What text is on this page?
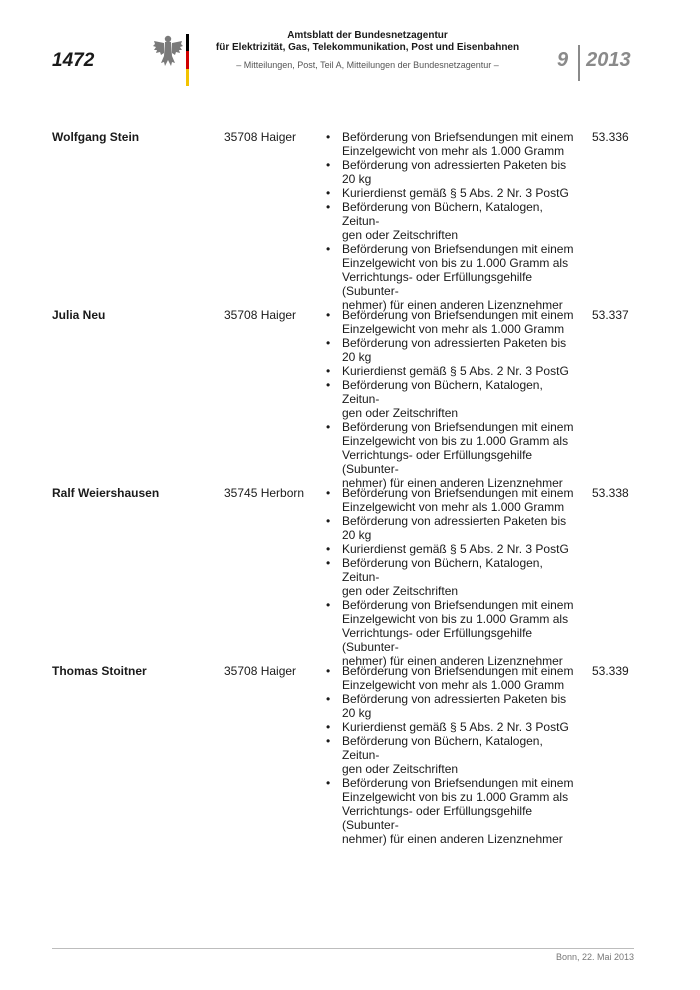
1472
Amtsblatt der Bundesnetzagentur
für Elektrizität, Gas, Telekommunikation, Post und Eisenbahnen
– Mitteilungen, Post, Teil A, Mitteilungen der Bundesnetzagentur –	9 2013
Wolfgang Stein	35708 Haiger	• Beförderung von Briefsendungen mit einem
Einzelgewicht von mehr als 1.000 Gramm
• Beförderung von adressierten Paketen bis
20 kg
• Kurierdienst gemäß § 5 Abs. 2 Nr. 3 PostG
• Beförderung von Büchern, Katalogen, Zeitun-
gen oder Zeitschriften
• Beförderung von Briefsendungen mit einem
Einzelgewicht von bis zu 1.000 Gramm als
Verrichtungs- oder Erfüllungsgehilfe (Subunter-
nehmer) für einen anderen Lizenznehmer
53.336
Julia Neu	35708 Haiger	• Beförderung von Briefsendungen mit einem
Einzelgewicht von mehr als 1.000 Gramm
• Beförderung von adressierten Paketen bis
20 kg
• Kurierdienst gemäß § 5 Abs. 2 Nr. 3 PostG
• Beförderung von Büchern, Katalogen, Zeitun-
gen oder Zeitschriften
• Beförderung von Briefsendungen mit einem
Einzelgewicht von bis zu 1.000 Gramm als
Verrichtungs- oder Erfüllungsgehilfe (Subunter-
nehmer) für einen anderen Lizenznehmer
53.337
Ralf Weiershausen	35745 Herborn	• Beförderung von Briefsendungen mit einem
Einzelgewicht von mehr als 1.000 Gramm
• Beförderung von adressierten Paketen bis
20 kg
• Kurierdienst gemäß § 5 Abs. 2 Nr. 3 PostG
• Beförderung von Büchern, Katalogen, Zeitun-
gen oder Zeitschriften
• Beförderung von Briefsendungen mit einem
Einzelgewicht von bis zu 1.000 Gramm als
Verrichtungs- oder Erfüllungsgehilfe (Subunter-
nehmer) für einen anderen Lizenznehmer
53.338
Thomas Stoitner	35708 Haiger	• Beförderung von Briefsendungen mit einem
Einzelgewicht von mehr als 1.000 Gramm
• Beförderung von adressierten Paketen bis
20 kg
• Kurierdienst gemäß § 5 Abs. 2 Nr. 3 PostG
• Beförderung von Büchern, Katalogen, Zeitun-
gen oder Zeitschriften
• Beförderung von Briefsendungen mit einem
Einzelgewicht von bis zu 1.000 Gramm als
Verrichtungs- oder Erfüllungsgehilfe (Subunter-
nehmer) für einen anderen Lizenznehmer
53.339
Bonn, 22. Mai 2013
